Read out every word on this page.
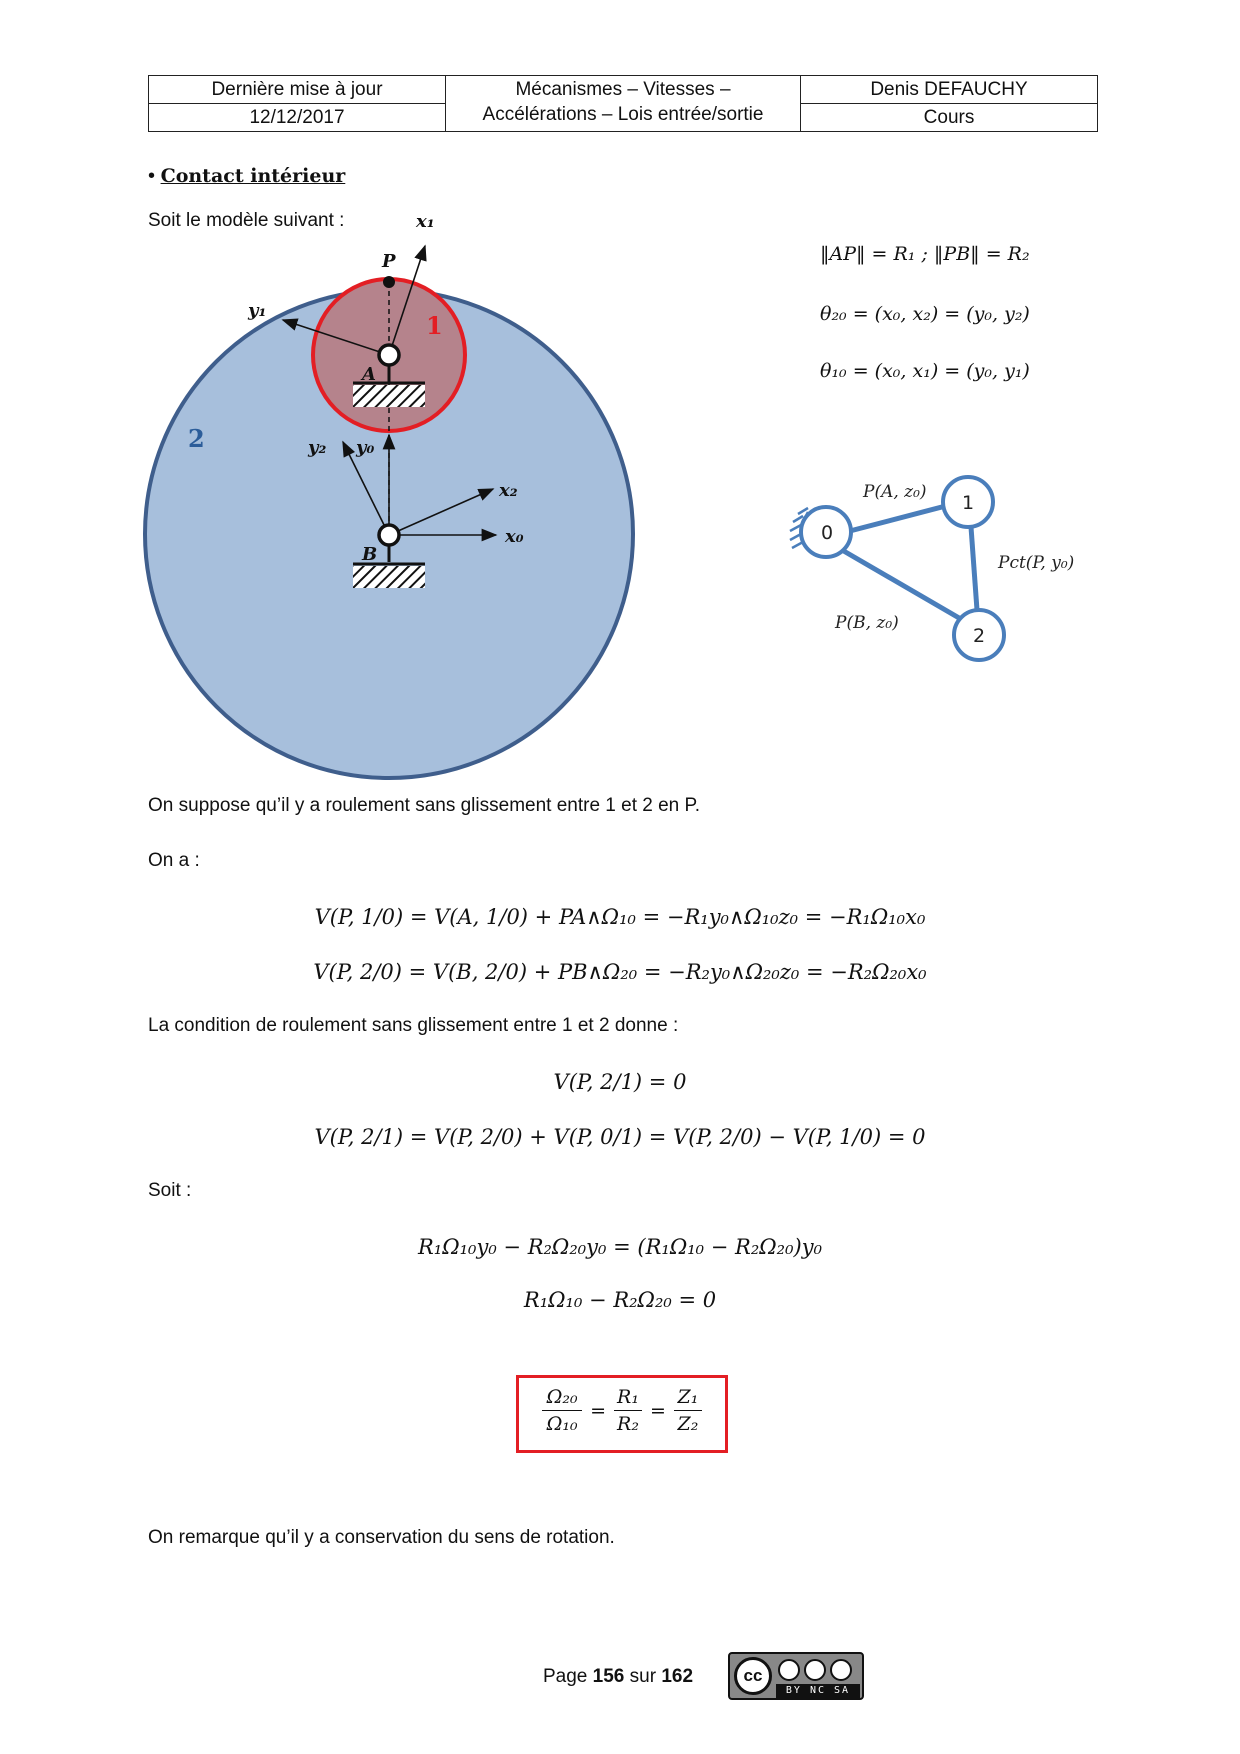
Dernière mise à jour	Mécanismes – Vitesses –	Denis DEFAUCHY
12/12/2017	Accélérations – Lois entrée/sortie	Cours
• Contact intérieur
Soit le modèle suivant :
P
A
B
x₁
y₁
y₂ y₀
x₂
x₀
1
2
‖AP‖ = R₁ ; ‖PB‖ = R₂
θ₂₀ = (x₀, x₂) = (y₀, y₂)
θ₁₀ = (x₀, x₁) = (y₀, y₁)
0
1
2
P(A, z₀)
Pct(P, y₀)
P(B, z₀)
On suppose qu’il y a roulement sans glissement entre 1 et 2 en P.
On a :
V(P, 1/0) = V(A, 1/0) + PA∧Ω₁₀ = −R₁y₀∧Ω₁₀z₀ = −R₁Ω₁₀x₀
V(P, 2/0) = V(B, 2/0) + PB∧Ω₂₀ = −R₂y₀∧Ω₂₀z₀ = −R₂Ω₂₀x₀
La condition de roulement sans glissement entre 1 et 2 donne :
V(P, 2/1) = 0
V(P, 2/1) = V(P, 2/0) + V(P, 0/1) = V(P, 2/0) − V(P, 1/0) = 0
Soit :
R₁Ω₁₀y₀ − R₂Ω₂₀y₀ = (R₁Ω₁₀ − R₂Ω₂₀)y₀
R₁Ω₁₀ − R₂Ω₂₀ = 0
Ω₂₀
Ω₁₀
=
R₁
R₂
=
Z₁
Z₂
On remarque qu’il y a conservation du sens de rotation.
Page 156 sur 162	cc
BY NC SA
